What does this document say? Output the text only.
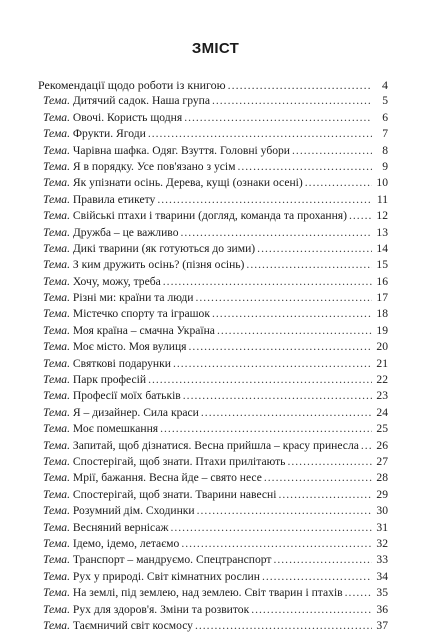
ЗМІСТ
Рекомендації щодо роботи із книгою .....	4
Тема. Дитячий садок. Наша група .....	5
Тема. Овочі. Користь щодня .....	6
Тема. Фрукти. Ягоди .....	7
Тема. Чарівна шафка. Одяг. Взуття. Головні убори .....	8
Тема. Я в порядку. Усе пов'язано з усім .....	9
Тема. Як упізнати осінь. Дерева, кущі (ознаки осені) .....	10
Тема. Правила етикету .....	11
Тема. Свійські птахи і тварини (догляд, команда та прохання) .....	12
Тема. Дружба – це важливо .....	13
Тема. Дикі тварини (як готуються до зими) .....	14
Тема. З ким дружить осінь? (пізня осінь) .....	15
Тема. Хочу, можу, треба .....	16
Тема. Різні ми: країни та люди .....	17
Тема. Містечко спорту та іграшок .....	18
Тема. Моя країна – смачна Україна .....	19
Тема. Моє місто. Моя вулиця .....	20
Тема. Святкові подарунки .....	21
Тема. Парк професій .....	22
Тема. Професії моїх батьків .....	23
Тема. Я – дизайнер. Сила краси .....	24
Тема. Моє помешкання .....	25
Тема. Запитай, щоб дізнатися. Весна прийшла – красу принесла ..... 26
Тема. Спостерігай, щоб знати. Птахи прилітають .....	27
Тема. Мрії, бажання. Весна йде – свято несе .....	28
Тема. Спостерігай, щоб знати. Тварини навесні .....	29
Тема. Розумний дім. Сходинки .....	30
Тема. Весняний вернісаж .....	31
Тема. Ідемо, ідемо, летаємо .....	32
Тема. Транспорт – мандруємо. Спецтранспорт .....	33
Тема. Рух у природі. Світ кімнатних рослин .....	34
Тема. На землі, під землею, над землею. Світ тварин і птахів .....	35
Тема. Рух для здоров'я. Зміни та розвиток .....	36
Тема. Таємничий світ космосу .....	37
